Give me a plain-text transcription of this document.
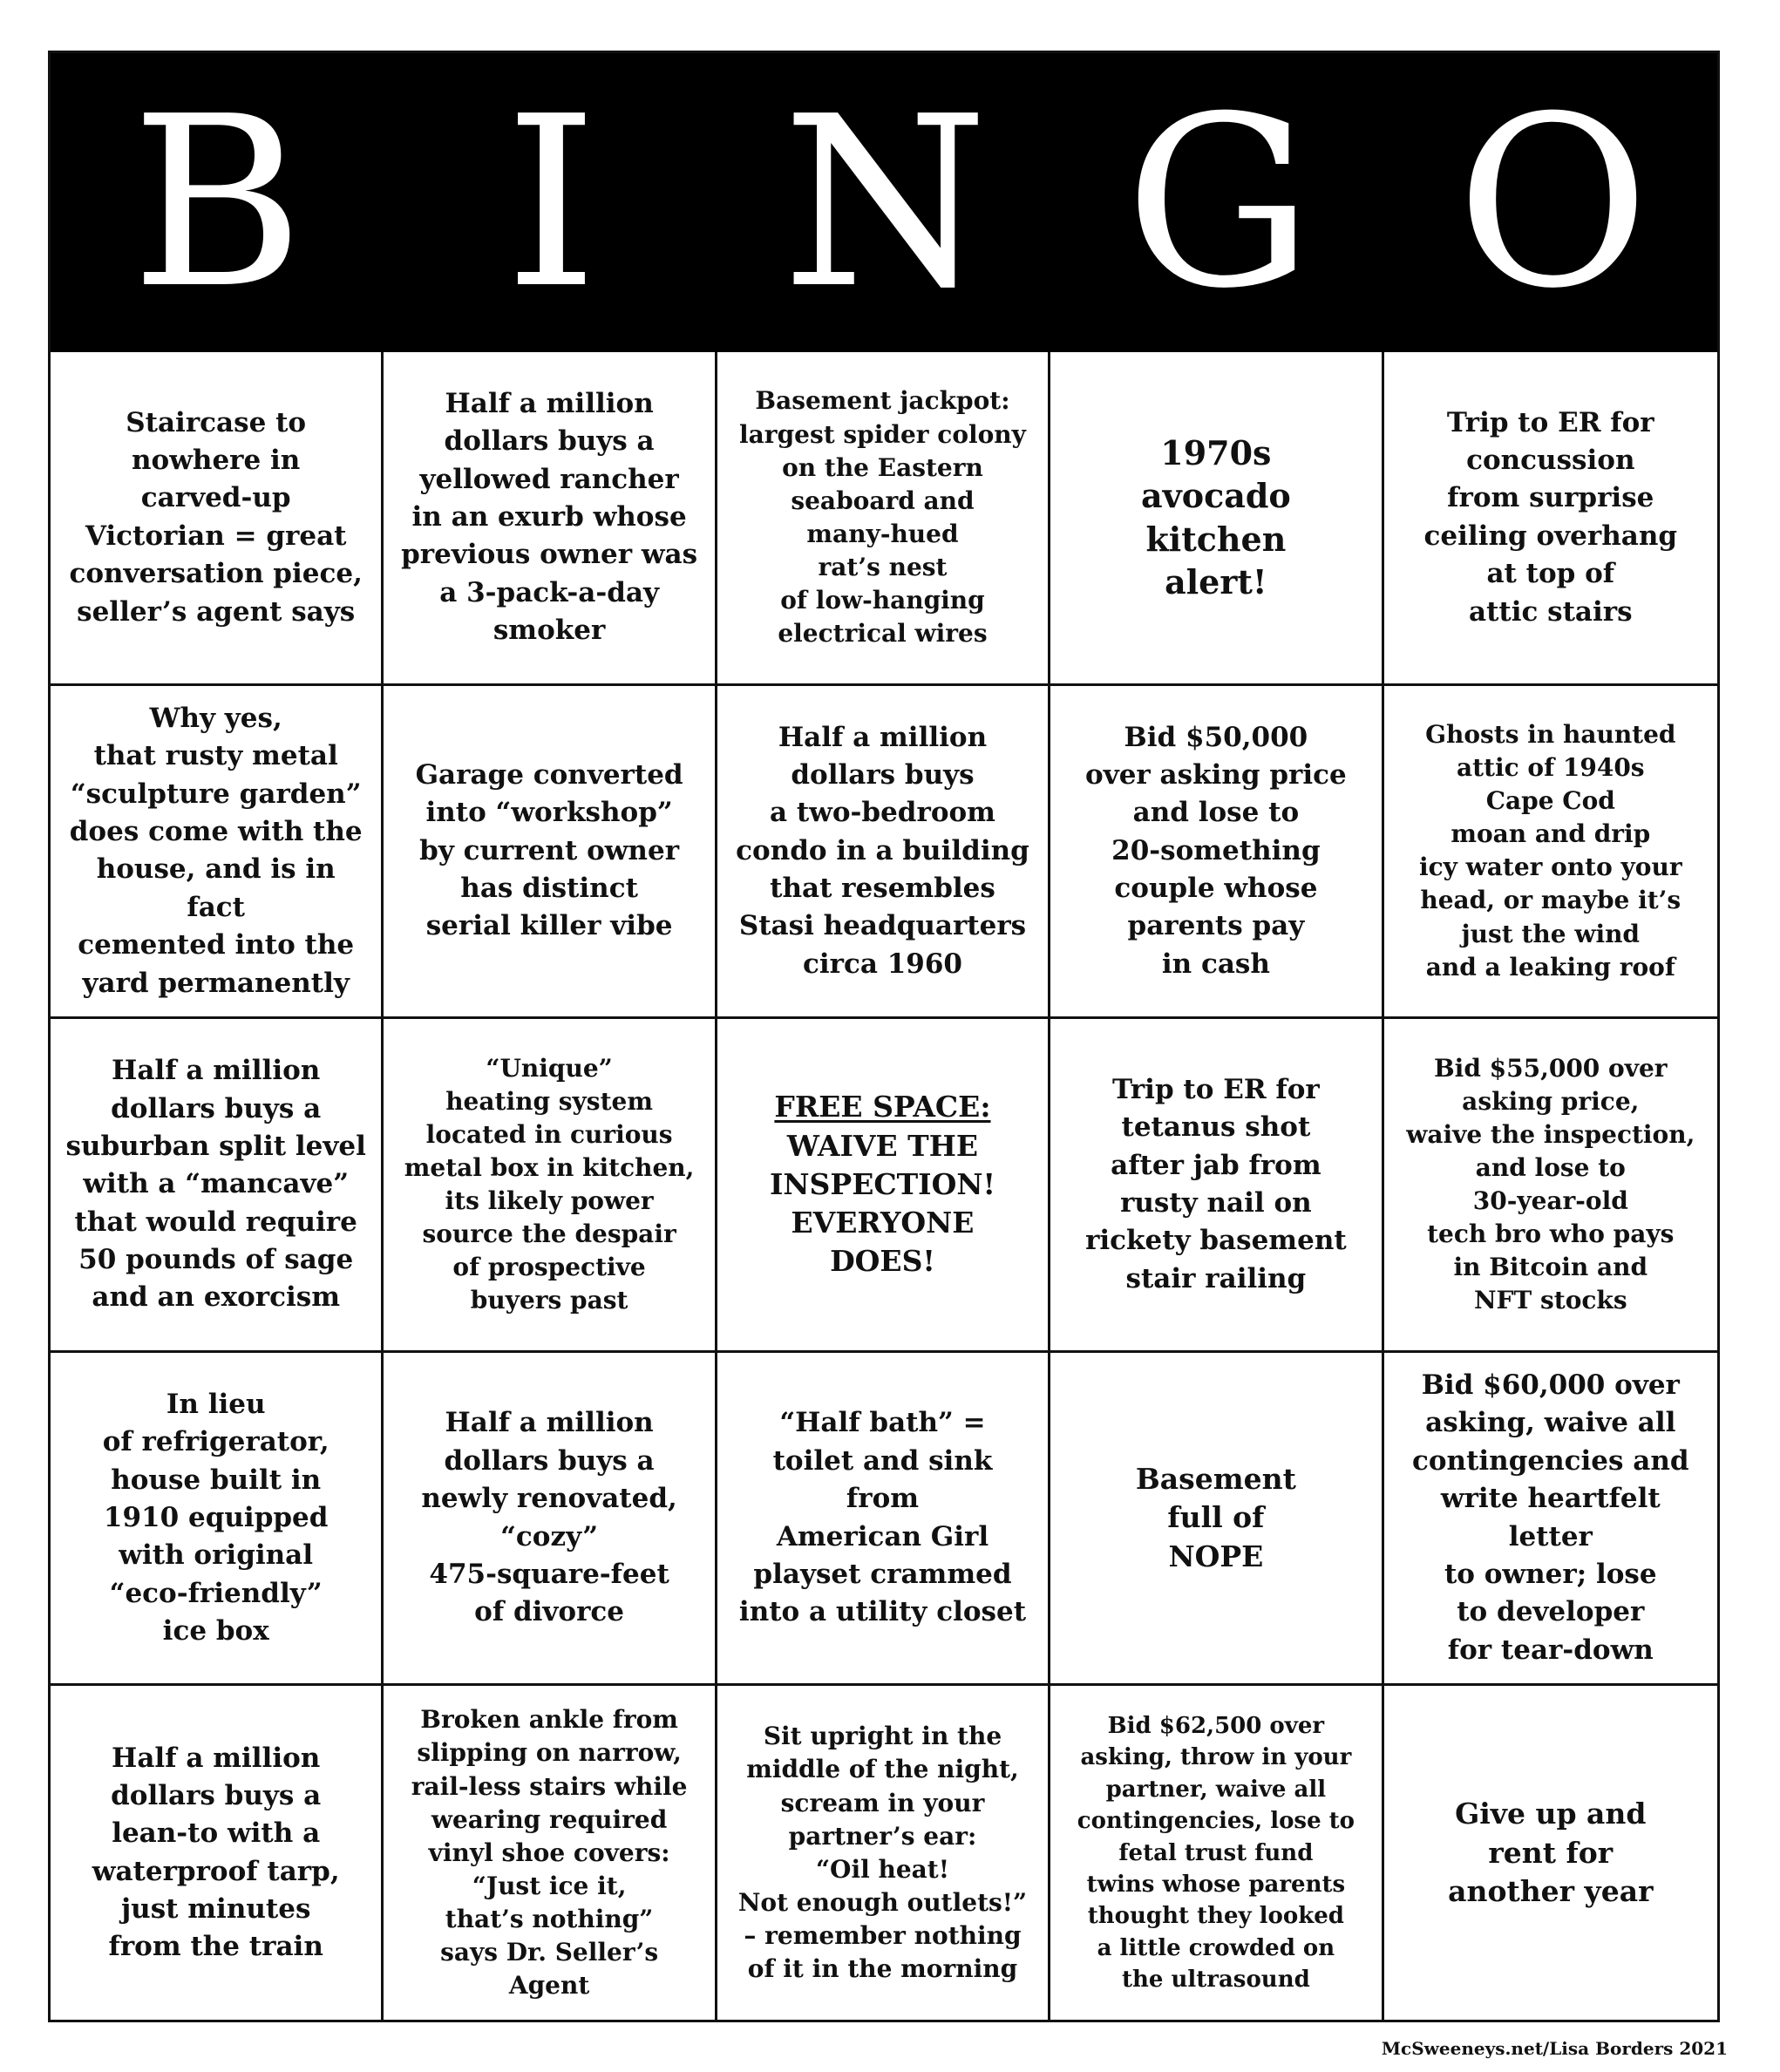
B I N G O
Staircase to
nowhere in
carved-up
Victorian = great
conversation piece,
seller’s agent says
Half a million
dollars buys a
yellowed rancher
in an exurb whose
previous owner was
a 3-pack-a-day
smoker
Basement jackpot:
largest spider colony
on the Eastern
seaboard and
many-hued
rat’s nest
of low-hanging
electrical wires
1970s
avocado
kitchen
alert!
Trip to ER for
concussion
from surprise
ceiling overhang
at top of
attic stairs
Why yes,
that rusty metal
“sculpture garden”
does come with the
house, and is in fact
cemented into the
yard permanently
Garage converted
into “workshop”
by current owner
has distinct
serial killer vibe
Half a million
dollars buys
a two-bedroom
condo in a building
that resembles
Stasi headquarters
circa 1960
Bid $50,000
over asking price
and lose to
20-something
couple whose
parents pay
in cash
Ghosts in haunted
attic of 1940s
Cape Cod
moan and drip
icy water onto your
head, or maybe it’s
just the wind
and a leaking roof
Half a million
dollars buys a
suburban split level
with a “mancave”
that would require
50 pounds of sage
and an exorcism
“Unique”
heating system
located in curious
metal box in kitchen,
its likely power
source the despair
of prospective
buyers past

FREE SPACE:

WAIVE THE
INSPECTION!
EVERYONE
DOES!

Trip to ER for
tetanus shot
after jab from
rusty nail on
rickety basement
stair railing
Bid $55,000 over
asking price,
waive the inspection,
and lose to
30-year-old
tech bro who pays
in Bitcoin and
NFT stocks
In lieu
of refrigerator,
house built in
1910 equipped
with original
“eco-friendly”
ice box
Half a million
dollars buys a
newly renovated,
“cozy”
475-square-feet
of divorce
“Half bath” =
toilet and sink
from
American Girl
playset crammed
into a utility closet
Basement
full of
NOPE
Bid $60,000 over
asking, waive all
contingencies and
write heartfelt letter
to owner; lose
to developer
for tear-down
Half a million
dollars buys a
lean-to with a
waterproof tarp,
just minutes
from the train
Broken ankle from
slipping on narrow,
rail-less stairs while
wearing required
vinyl shoe covers:
“Just ice it,
that’s nothing”
says Dr. Seller’s Agent
Sit upright in the
middle of the night,
scream in your
partner’s ear:
“Oil heat!
Not enough outlets!”
– remember nothing
of it in the morning
Bid $62,500 over
asking, throw in your
partner, waive all
contingencies, lose to
fetal trust fund
twins whose parents
thought they looked
a little crowded on
the ultrasound
Give up and
rent for
another year
McSweeneys.net/Lisa Borders 2021
